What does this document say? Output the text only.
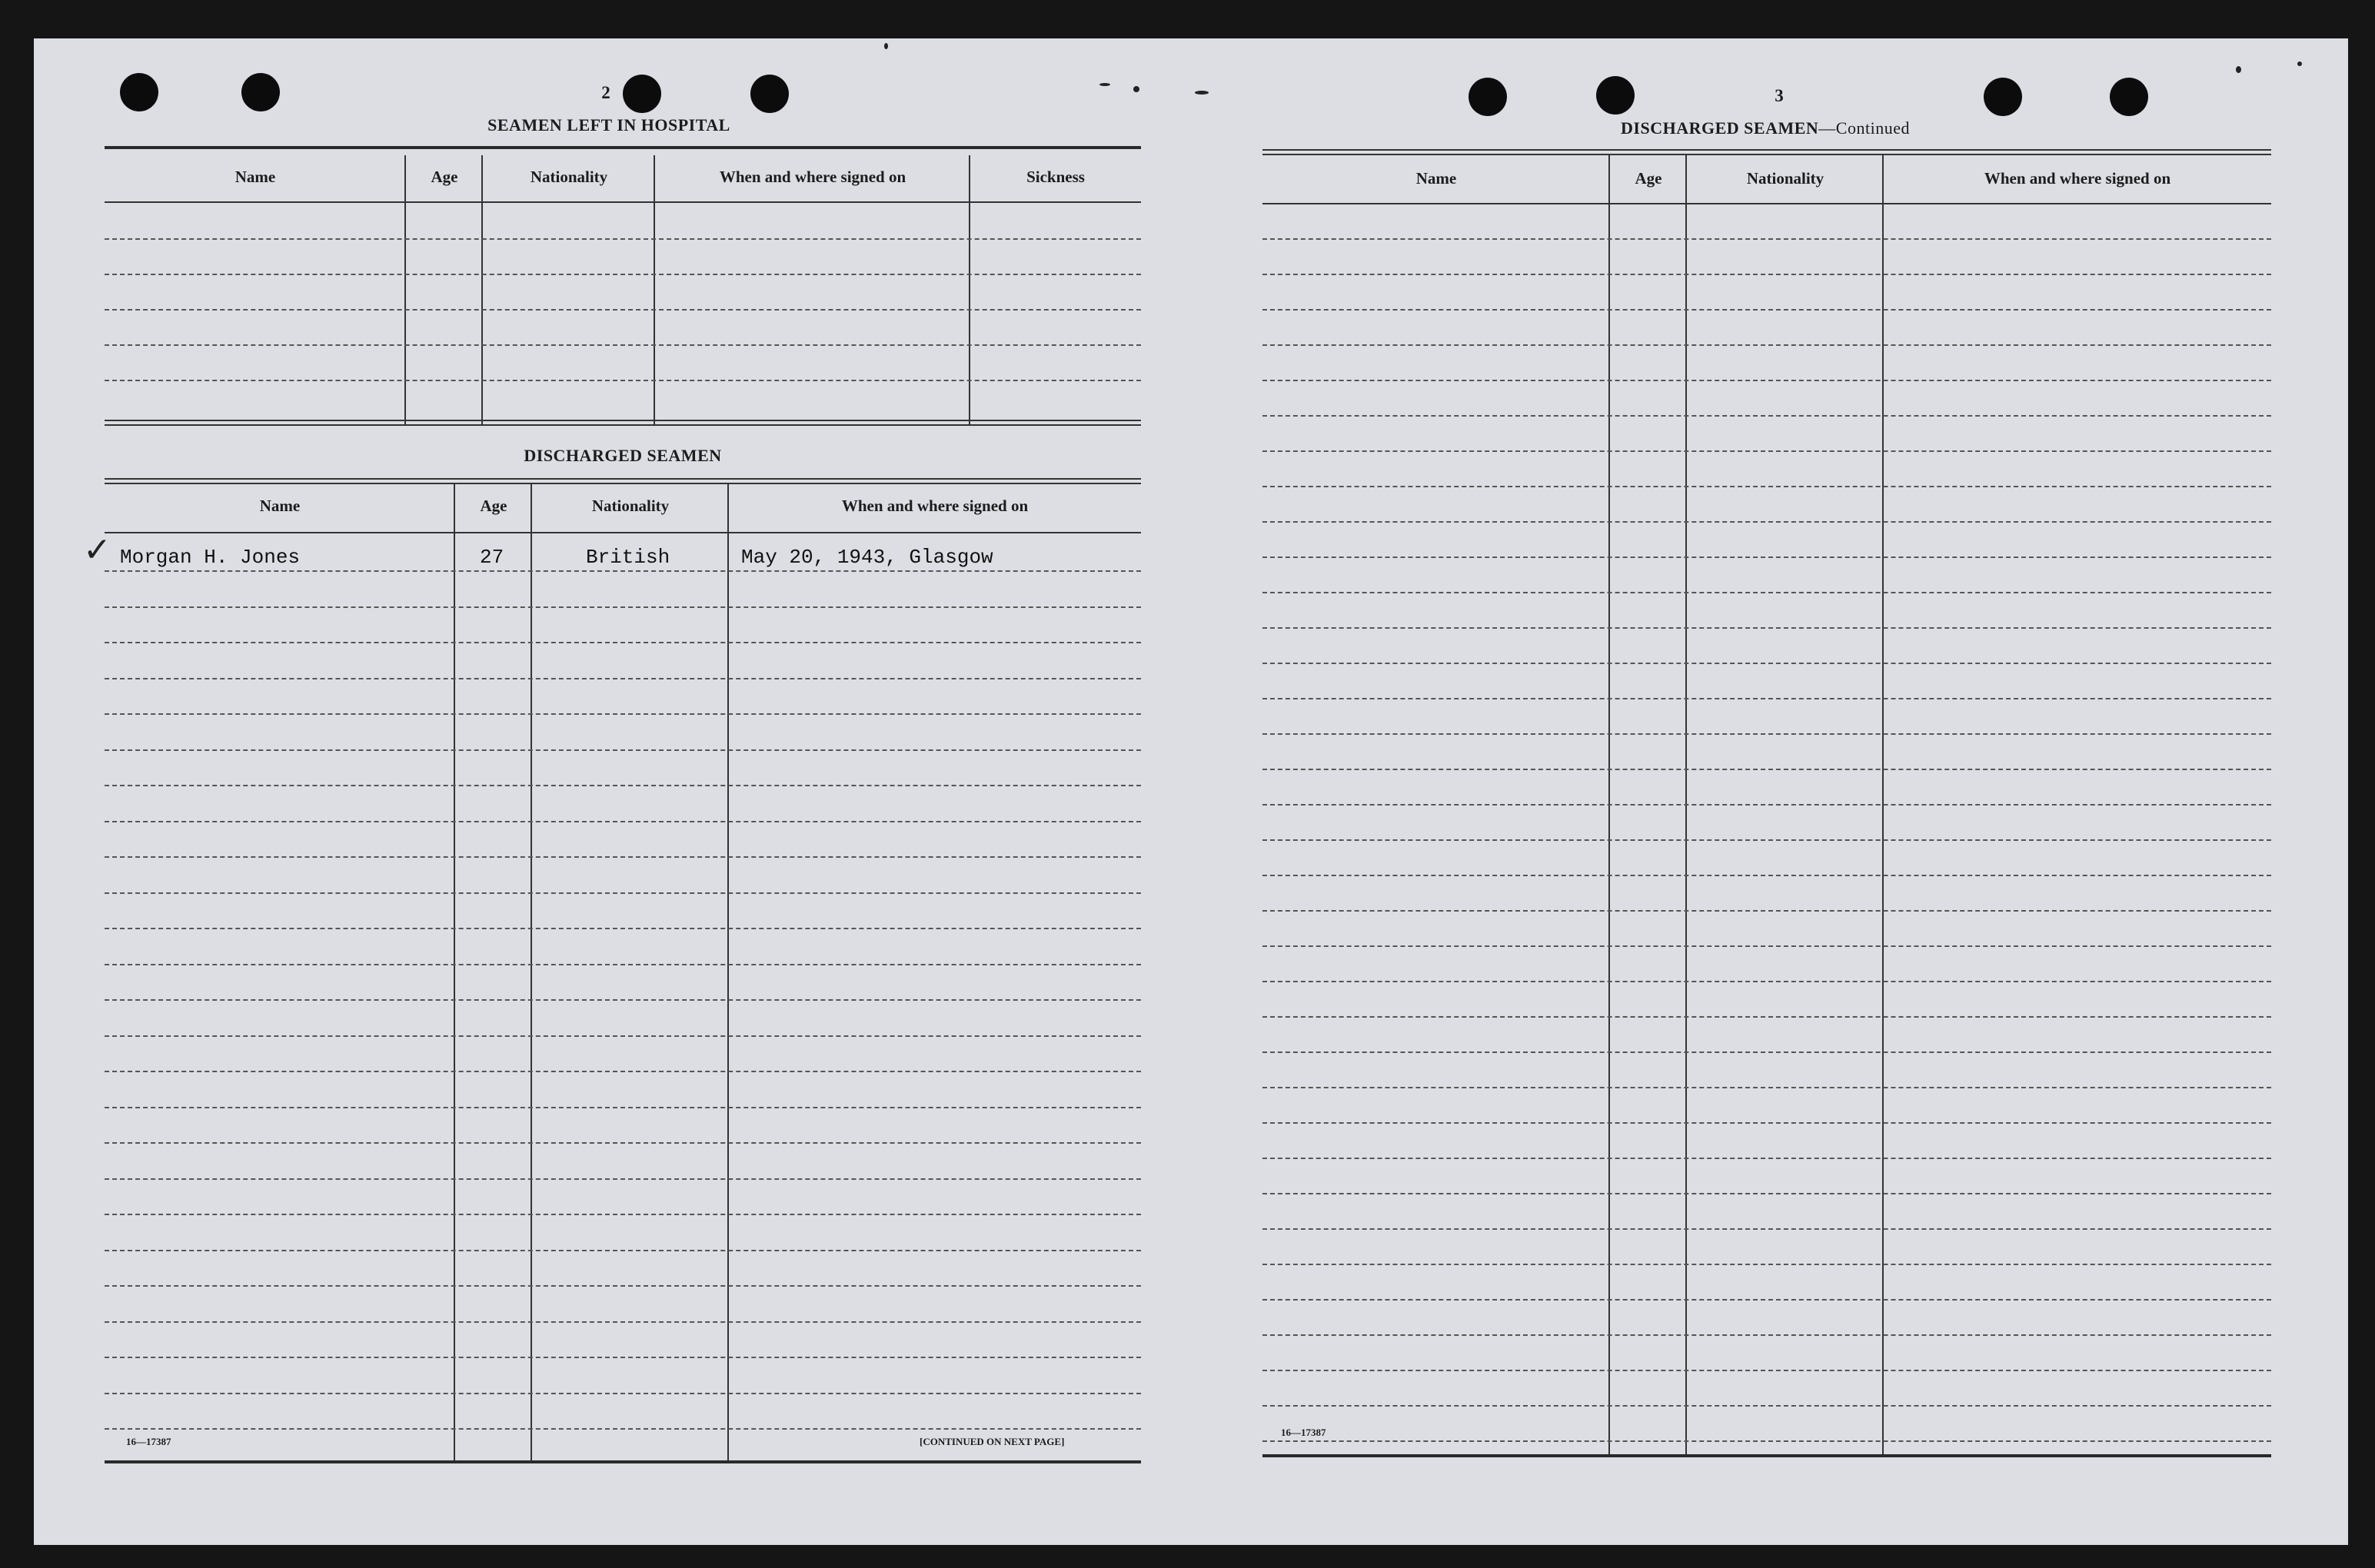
2
SEAMEN LEFT IN HOSPITAL
Name	Age	Nationality	When and where signed on	Sickness
DISCHARGED SEAMEN
Name	Age	Nationality	When and where signed on
✓ Morgan H. Jones	27	British	May 20, 1943, Glasgow
16—17387	[CONTINUED ON NEXT PAGE]
3
DISCHARGED SEAMEN—Continued
Name	Age	Nationality	When and where signed on
16—17387
